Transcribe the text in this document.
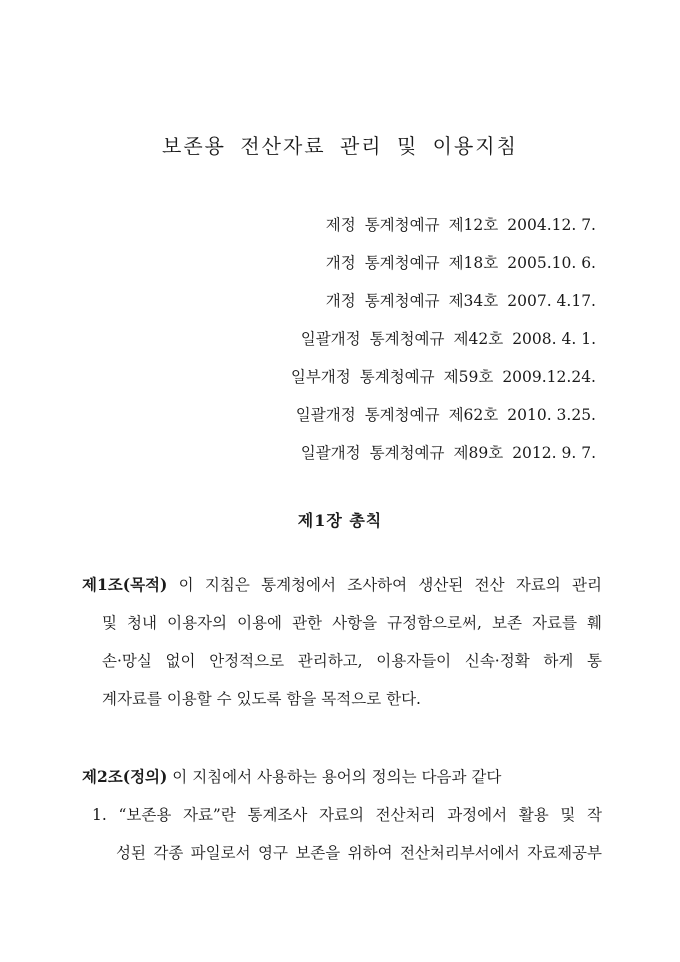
보존용 전산자료 관리 및 이용지침
제정 통계청예규 제12호 2004.12. 7.
개정 통계청예규 제18호 2005.10. 6.
개정 통계청예규 제34호 2007. 4.17.
일괄개정 통계청예규 제42호 2008. 4. 1.
일부개정 통계청예규 제59호 2009.12.24.
일괄개정 통계청예규 제62호 2010. 3.25.
일괄개정 통계청예규 제89호 2012. 9. 7.
제1장 총칙
제1조(목적) 이 지침은 통계청에서 조사하여 생산된 전산 자료의 관리
및 청내 이용자의 이용에 관한 사항을 규정함으로써, 보존 자료를 훼
손·망실 없이 안정적으로 관리하고, 이용자들이 신속·정확 하게 통
계자료를 이용할 수 있도록 함을 목적으로 한다.
제2조(정의) 이 지침에서 사용하는 용어의 정의는 다음과 같다
1. “보존용 자료”란 통계조사 자료의 전산처리 과정에서 활용 및 작
성된 각종 파일로서 영구 보존을 위하여 전산처리부서에서 자료제공부
